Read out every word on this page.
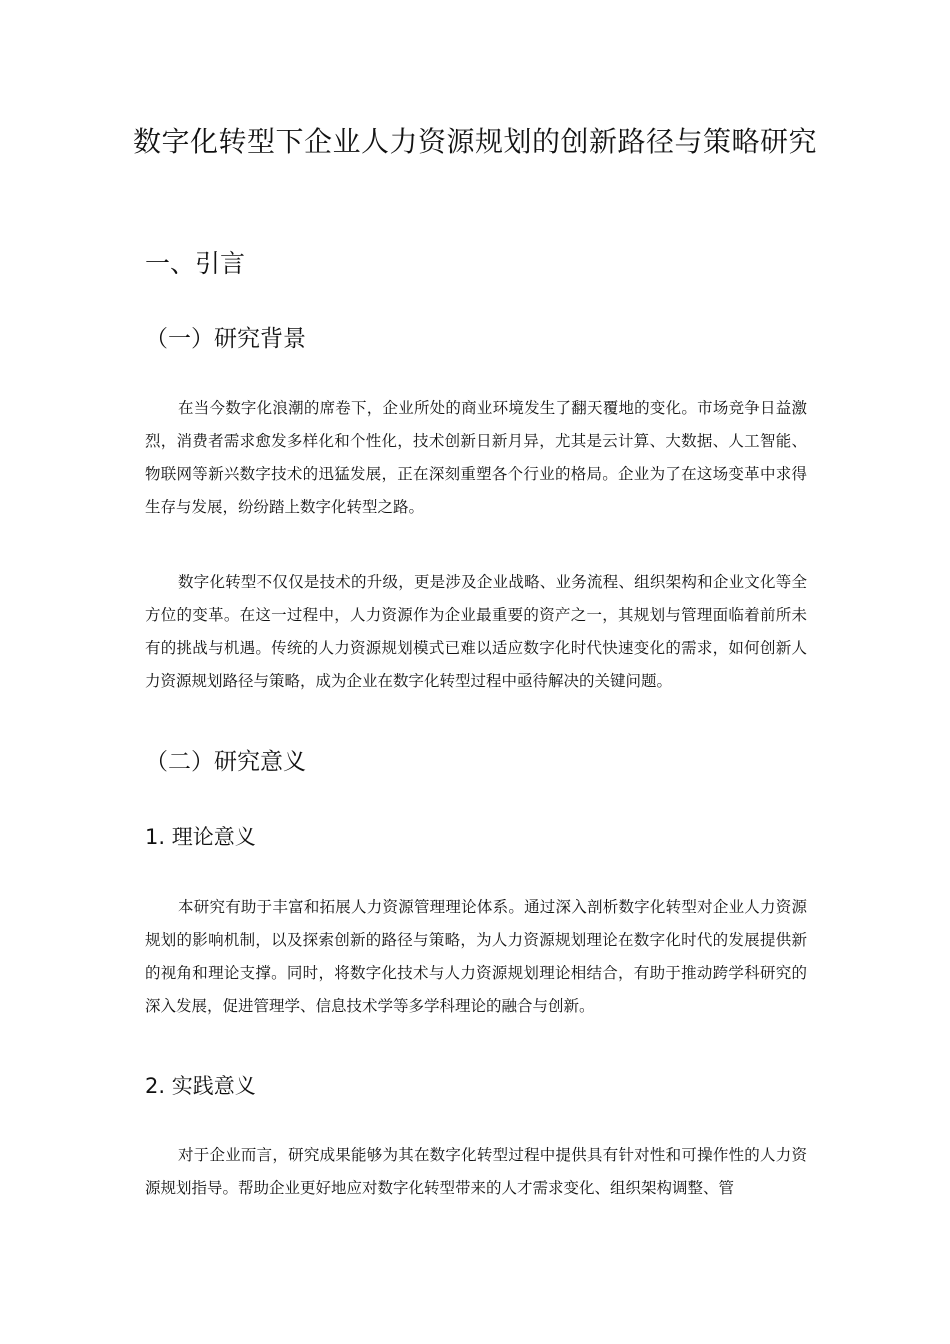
数字化转型下企业人力资源规划的创新路径与策略研究
一、引言
（一）研究背景

在当今数字化浪潮的席卷下，企业所处的商业环境发生了翻天覆地的变化。市场竞争日益激烈，消费者需求愈发多样化和个性化，技术创新日新月异，尤其是云计算、大数据、人工智能、物联网等新兴数字技术的迅猛发展，正在深刻重塑各个行业的格局。企业为了在这场变革中求得生存与发展，纷纷踏上数字化转型之路。

数字化转型不仅仅是技术的升级，更是涉及企业战略、业务流程、组织架构和企业文化等全方位的变革。在这一过程中，人力资源作为企业最重要的资产之一，其规划与管理面临着前所未有的挑战与机遇。传统的人力资源规划模式已难以适应数字化时代快速变化的需求，如何创新人力资源规划路径与策略，成为企业在数字化转型过程中亟待解决的关键问题。

（二）研究意义
1. 理论意义

本研究有助于丰富和拓展人力资源管理理论体系。通过深入剖析数字化转型对企业人力资源规划的影响机制，以及探索创新的路径与策略，为人力资源规划理论在数字化时代的发展提供新的视角和理论支撑。同时，将数字化技术与人力资源规划理论相结合，有助于推动跨学科研究的深入发展，促进管理学、信息技术学等多学科理论的融合与创新。

2. 实践意义

对于企业而言，研究成果能够为其在数字化转型过程中提供具有针对性和可操作性的人力资源规划指导。帮助企业更好地应对数字化转型带来的人才需求变化、组织架构调整、管
